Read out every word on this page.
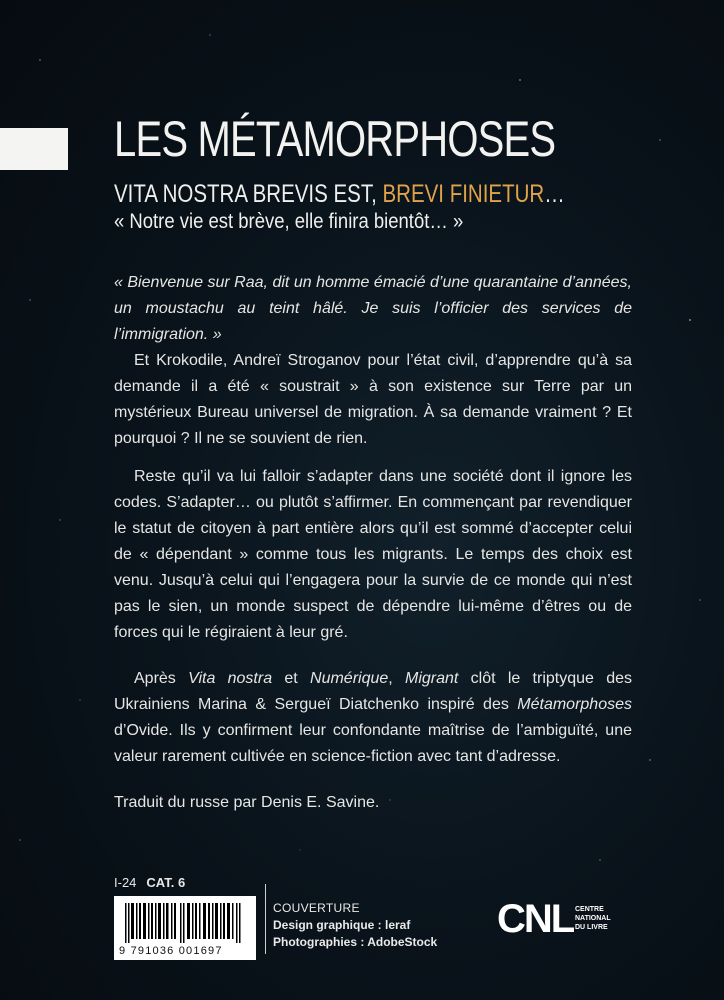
LES MÉTAMORPHOSES

VITA NOSTRA BREVIS EST, BREVI FINIETUR…

« Notre vie est brève, elle finira bientôt… »

« Bienvenue sur Raa, dit un homme émacié d’une quarantaine d’années, un moustachu au teint hâlé. Je suis l’officier des services de l’immigration. »

Et Krokodile, Andreï Stroganov pour l’état civil, d’apprendre qu’à sa demande il a été « soustrait » à son existence sur Terre par un mystérieux Bureau universel de migration. À sa demande vraiment ? Et pourquoi ? Il ne se souvient de rien.

Reste qu’il va lui falloir s’adapter dans une société dont il ignore les codes. S’adapter… ou plutôt s’affirmer. En commençant par revendiquer le statut de citoyen à part entière alors qu’il est sommé d’accepter celui de « dépendant » comme tous les migrants. Le temps des choix est venu. Jusqu’à celui qui l’engagera pour la survie de ce monde qui n’est pas le sien, un monde suspect de dépendre lui-même d’êtres ou de forces qui le régiraient à leur gré.

Après Vita nostra et Numérique, Migrant clôt le triptyque des Ukrainiens Marina & Sergueï Diatchenko inspiré des Métamorphoses d’Ovide. Ils y confirment leur confondante maîtrise de l’ambiguïté, une valeur rarement cultivée en science-fiction avec tant d’adresse.

Traduit du russe par Denis E. Savine.

I-24 CAT. 6
9 791036 001697
COUVERTURE
Design graphique : leraf
Photographies : AdobeStock
CNL CENTRE
NATIONAL
DU LIVRE
